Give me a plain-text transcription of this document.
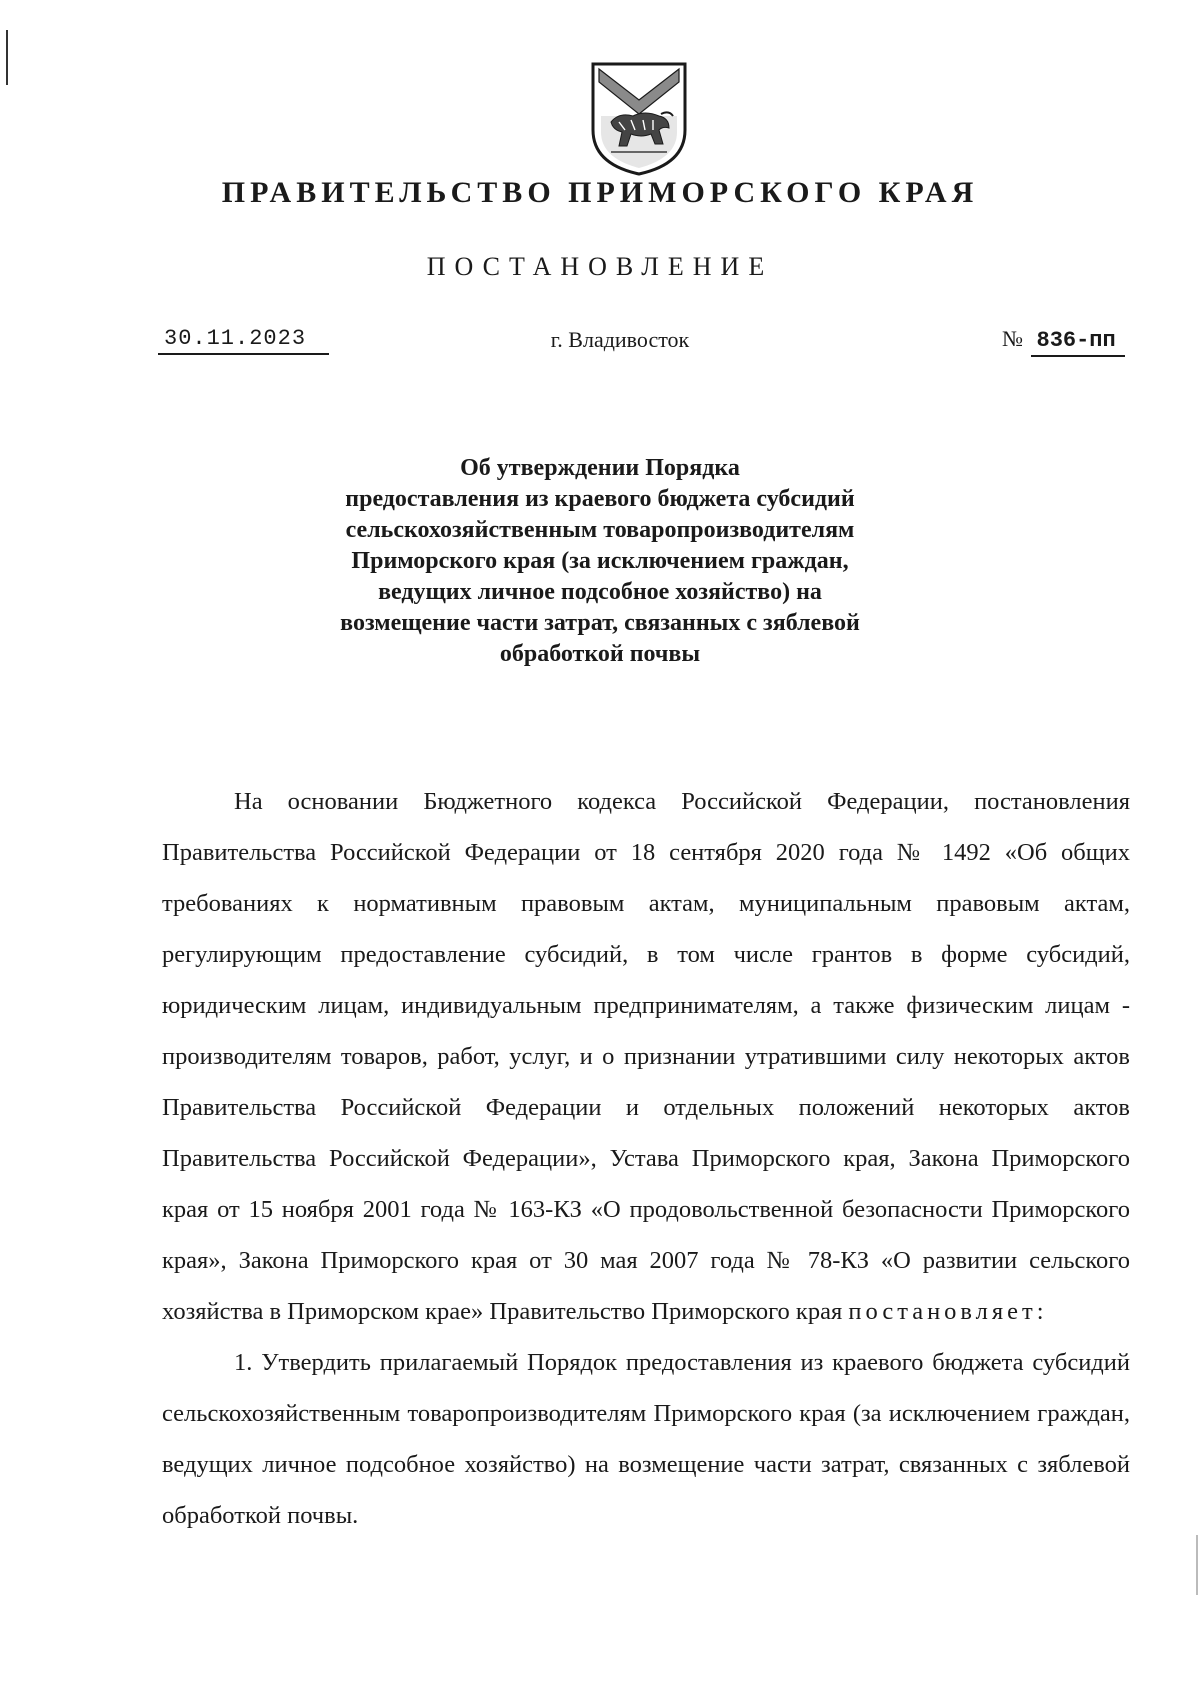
ПРАВИТЕЛЬСТВО ПРИМОРСКОГО КРАЯ
ПОСТАНОВЛЕНИЕ
30.11.2023	г. Владивосток	№ 836-пп
Об утверждении Порядка
предоставления из краевого бюджета субсидий
сельскохозяйственным товаропроизводителям
Приморского края (за исключением граждан,
ведущих личное подсобное хозяйство) на
возмещение части затрат, связанных с зяблевой
обработкой почвы

На основании Бюджетного кодекса Российской Федерации, постановления Правительства Российской Федерации от 18 сентября 2020 года № 1492 «Об общих требованиях к нормативным правовым актам, муниципальным правовым актам, регулирующим предоставление субсидий, в том числе грантов в форме субсидий, юридическим лицам, индивидуальным предпринимателям, а также физическим лицам - производителям товаров, работ, услуг, и о признании утратившими силу некоторых актов Правительства Российской Федерации и отдельных положений некоторых актов Правительства Российской Федерации», Устава Приморского края, Закона Приморского края от 15 ноября 2001 года № 163-КЗ «О продовольственной безопасности Приморского края», Закона Приморского края от 30 мая 2007 года № 78-КЗ «О развитии сельского хозяйства в Приморском крае» Правительство Приморского края постановляет:

1. Утвердить прилагаемый Порядок предоставления из краевого бюджета субсидий сельскохозяйственным товаропроизводителям Приморского края (за исключением граждан, ведущих личное подсобное хозяйство) на возмещение части затрат, связанных с зяблевой обработкой почвы.
